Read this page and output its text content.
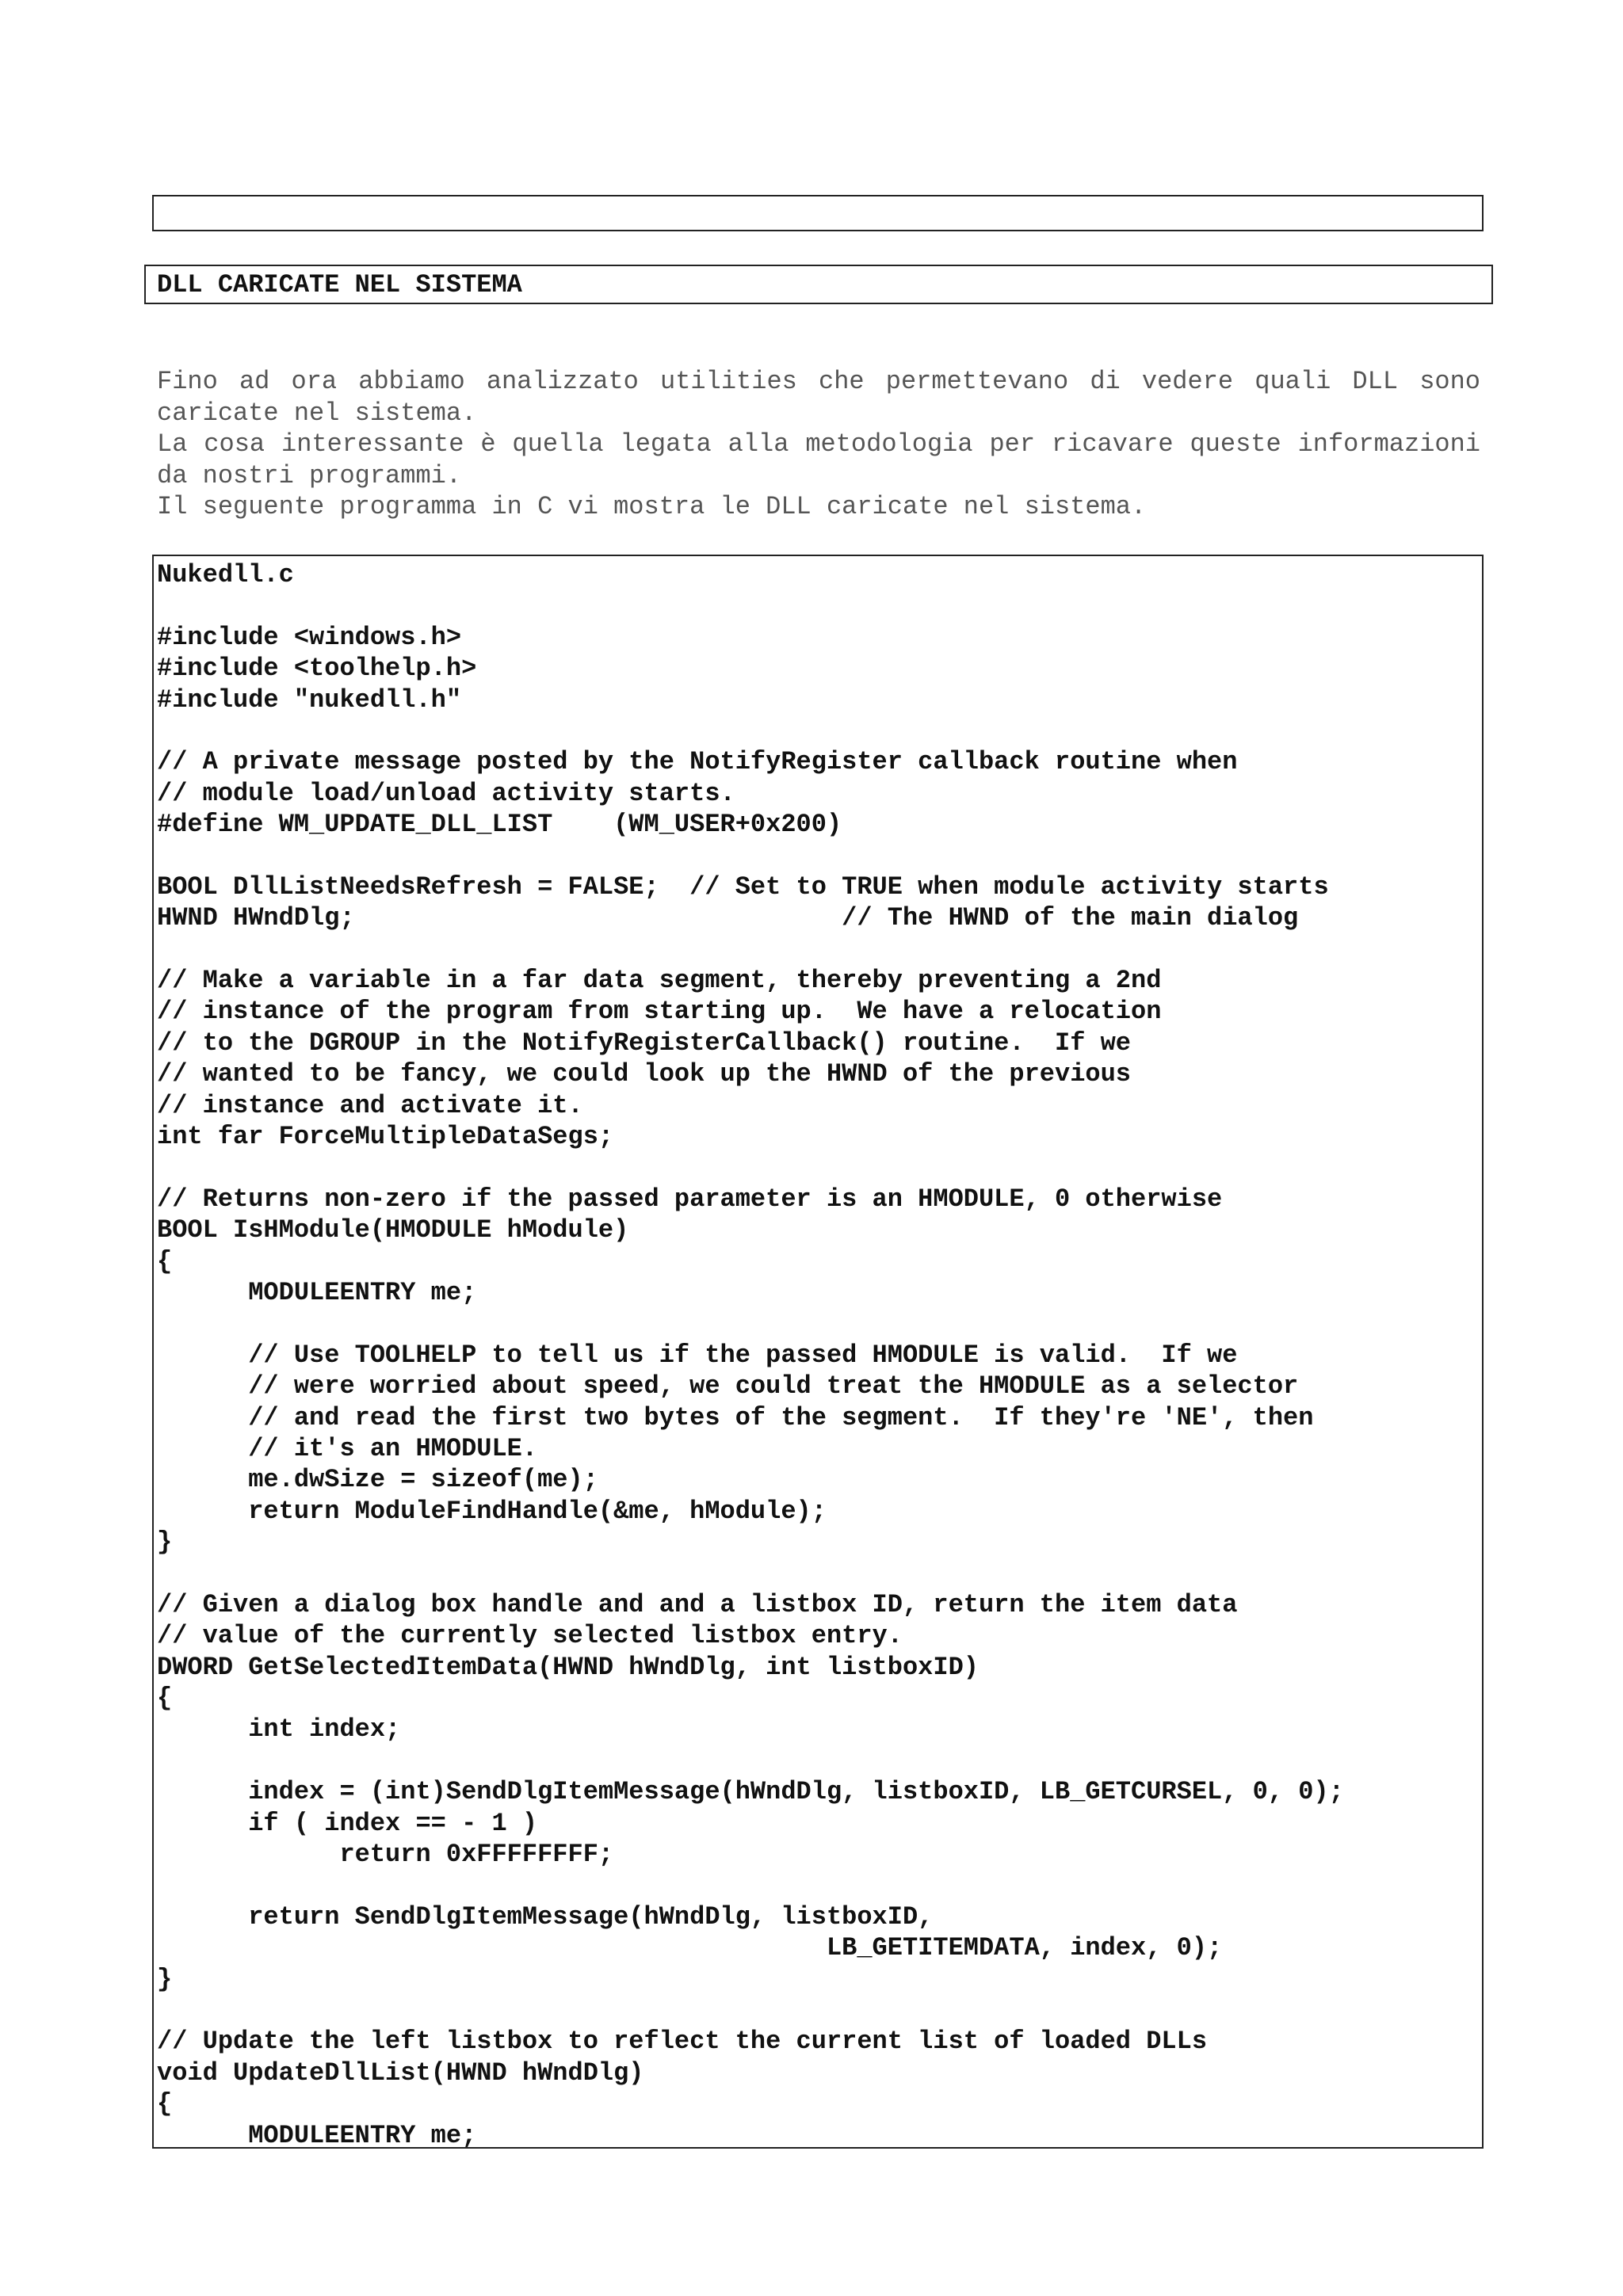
DLL CARICATE NEL SISTEMA

Fino ad ora abbiamo analizzato utilities che permettevano di vedere quali DLL sono caricate nel sistema.

La cosa interessante è quella legata alla metodologia per ricavare queste informazioni da nostri programmi.

Il seguente programma in C vi mostra le DLL caricate nel sistema.

Nukedll.c
#include <windows.h>
#include <toolhelp.h>
#include "nukedll.h"
// A private message posted by the NotifyRegister callback routine when
// module load/unload activity starts.
#define WM_UPDATE_DLL_LIST    (WM_USER+0x200)
BOOL DllListNeedsRefresh = FALSE;  // Set to TRUE when module activity starts
HWND HWndDlg;                                // The HWND of the main dialog
// Make a variable in a far data segment, thereby preventing a 2nd
// instance of the program from starting up.  We have a relocation
// to the DGROUP in the NotifyRegisterCallback() routine.  If we
// wanted to be fancy, we could look up the HWND of the previous
// instance and activate it.
int far ForceMultipleDataSegs;
// Returns non-zero if the passed parameter is an HMODULE, 0 otherwise
BOOL IsHModule(HMODULE hModule)
{
MODULEENTRY me;
// Use TOOLHELP to tell us if the passed HMODULE is valid.  If we
// were worried about speed, we could treat the HMODULE as a selector
// and read the first two bytes of the segment.  If they're 'NE', then
// it's an HMODULE.
me.dwSize = sizeof(me);
return ModuleFindHandle(&me, hModule);
}
// Given a dialog box handle and and a listbox ID, return the item data
// value of the currently selected listbox entry.
DWORD GetSelectedItemData(HWND hWndDlg, int listboxID)
{
int index;
index = (int)SendDlgItemMessage(hWndDlg, listboxID, LB_GETCURSEL, 0, 0);
if ( index == - 1 )
return 0xFFFFFFFF;
return SendDlgItemMessage(hWndDlg, listboxID,
LB_GETITEMDATA, index, 0);
}
// Update the left listbox to reflect the current list of loaded DLLs
void UpdateDllList(HWND hWndDlg)
{
MODULEENTRY me;
